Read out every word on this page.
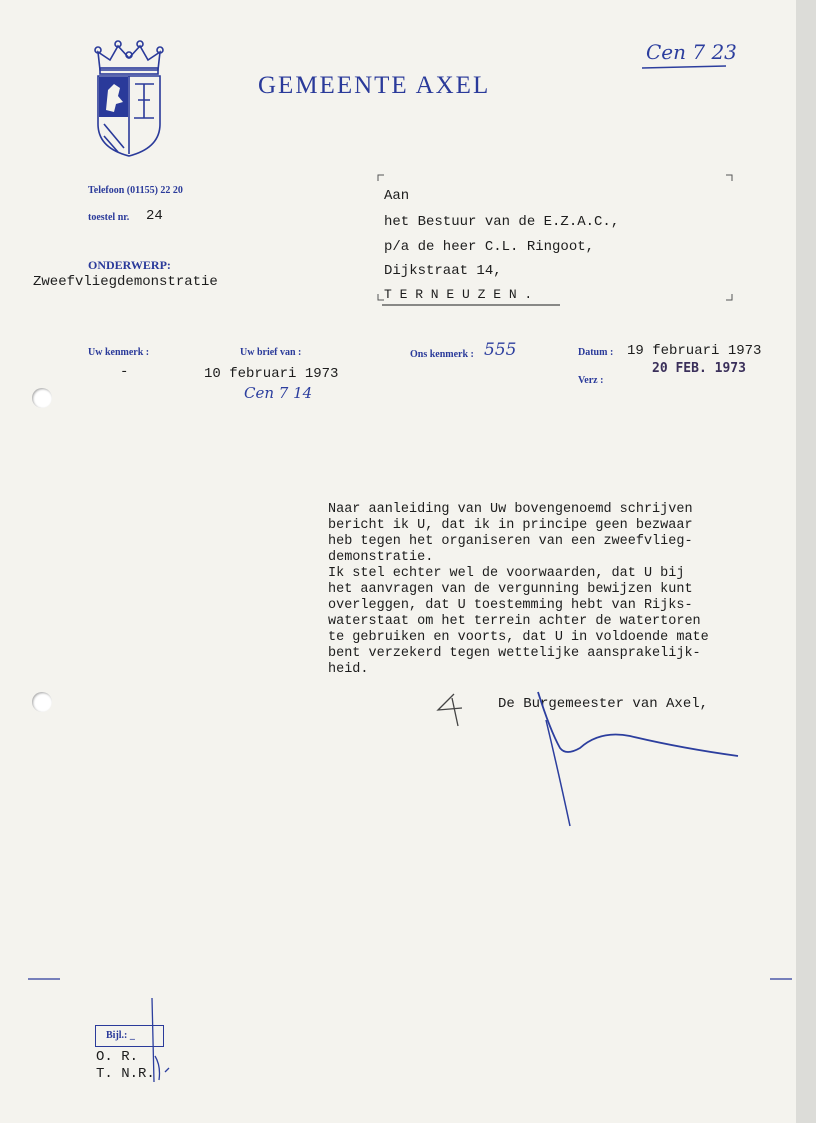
GEMEENTE AXEL
Cen 7 23
Telefoon (01155) 22 20
toestel nr. 24
ONDERWERP:
Zweefvliegdemonstratie
Aan
het Bestuur van de E.Z.A.C.,
p/a de heer C.L. Ringoot,
Dijkstraat 14,
T E R N E U Z E N .
Uw kenmerk :
-
Uw brief van :
10 februari 1973
Cen 7 14
Ons kenmerk : 555	Datum : 19 februari 1973
Verz :
20 FEB. 1973
Naar aanleiding van Uw bovengenoemd schrijven
bericht ik U, dat ik in principe geen bezwaar
heb tegen het organiseren van een zweefvlieg-
demonstratie.
Ik stel echter wel de voorwaarden, dat U bij
het aanvragen van de vergunning bewijzen kunt
overleggen, dat U toestemming hebt van Rijks-
waterstaat om het terrein achter de watertoren
te gebruiken en voorts, dat U in voldoende mate
bent verzekerd tegen wettelijke aansprakelijk-
heid.
De Burgemeester van Axel,
Bijl.: _
O. R.
T. N.R.
